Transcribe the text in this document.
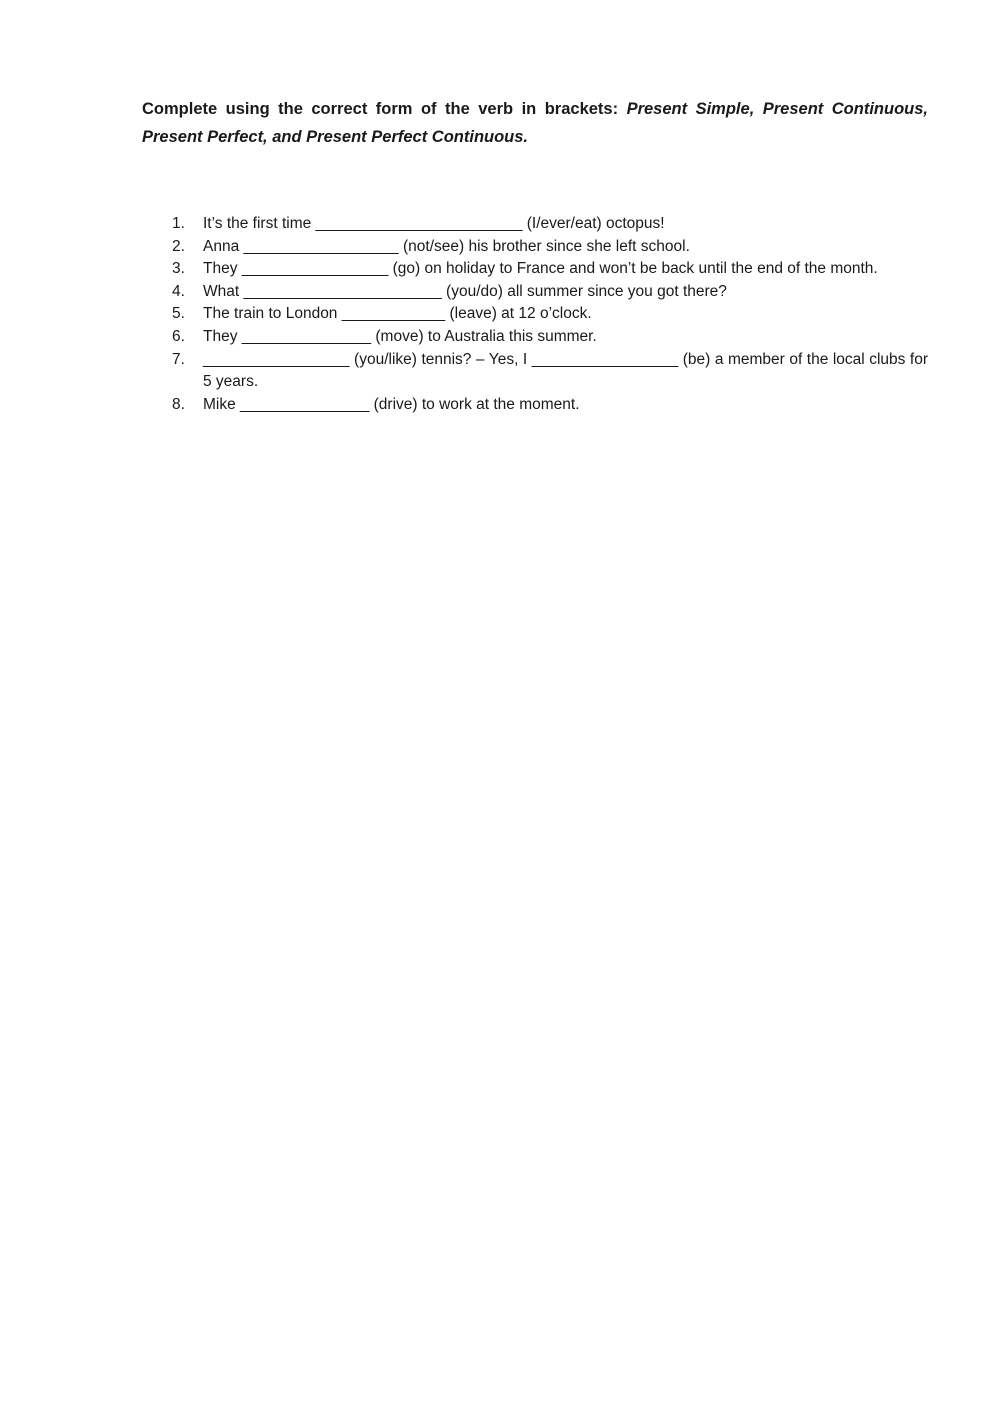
Complete using the correct form of the verb in brackets: Present Simple, Present Continuous, Present Perfect, and Present Perfect Continuous.

1. It’s the first time ________________________ (I/ever/eat) octopus!
2. Anna __________________ (not/see) his brother since she left school.
3. They _________________ (go) on holiday to France and won’t be back until the end of the month.
4. What _______________________ (you/do) all summer since you got there?
5. The train to London ____________ (leave) at 12 o’clock.
6. They _______________ (move) to Australia this summer.
7. _________________ (you/like) tennis? – Yes, I _________________ (be) a member of the local clubs for 5 years.
8. Mike _______________ (drive) to work at the moment.
